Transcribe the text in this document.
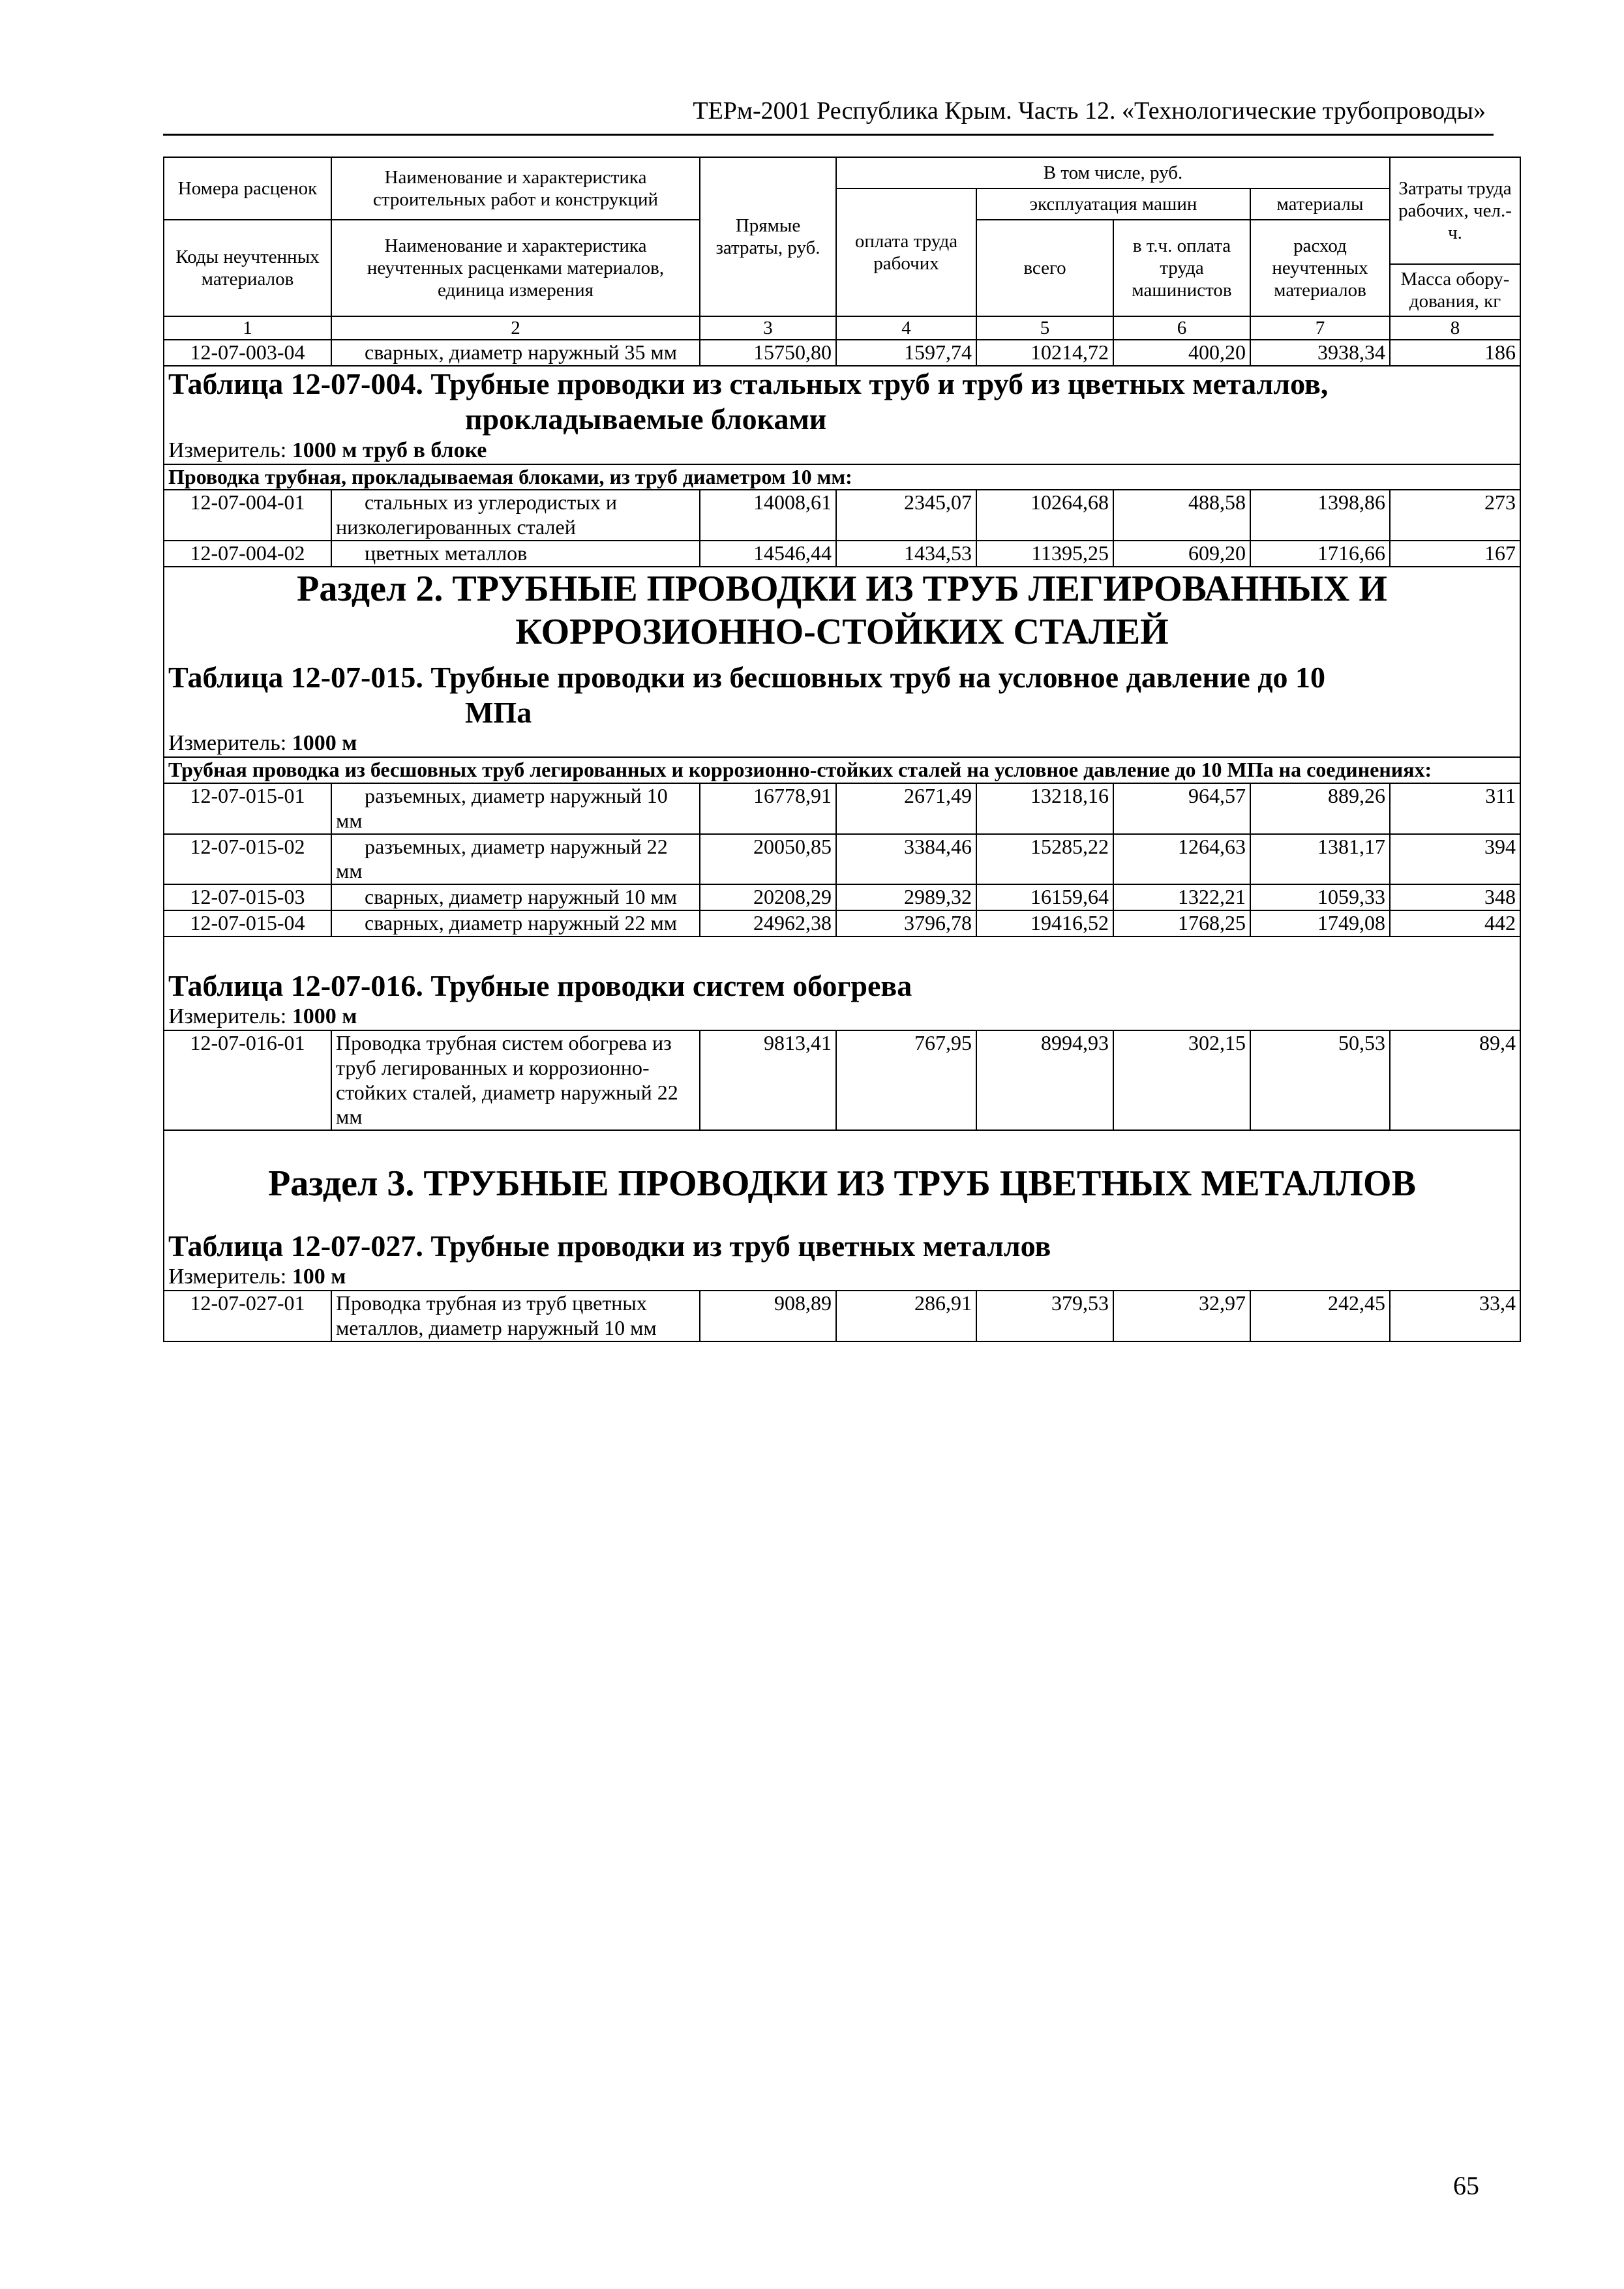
ТЕРм-2001 Республика Крым. Часть 12. «Технологические трубопроводы»
Номера расценок	Наименование и характеристика строительных работ и конструкций	Прямые затраты, руб.	В том числе, руб.				Затраты труда рабочих, чел.-ч.
			оплата труда рабочих	эксплуатация машин		материалы	
Коды неучтенных материалов	Наименование и характеристика неучтенных расценками материалов, единица измерения			всего	в т.ч. оплата труда машинистов	расход неучтенных материалов	
							Масса обору-дования, кг
1	2	3	4	5	6	7	8
12-07-003-04	сварных, диаметр наружный 35 мм	15750,80	1597,74	10214,72	400,20	3938,34	186
Таблица 12-07-004. Трубные проводки из стальных труб и труб из цветных металлов,
прокладываемые блоками							

Измеритель: 1000 м труб в блоке							
Проводка трубная, прокладываемая блоками, из труб диаметром 10 мм:							
12-07-004-01	стальных из углеродистых и низколегированных сталей	14008,61	2345,07	10264,68	488,58	1398,86	273
12-07-004-02	цветных металлов	14546,44	1434,53	11395,25	609,20	1716,66	167
Раздел 2. ТРУБНЫЕ ПРОВОДКИ ИЗ ТРУБ ЛЕГИРОВАННЫХ И
КОРРОЗИОННО-СТОЙКИХ СТАЛЕЙ							
Таблица 12-07-015. Трубные проводки из бесшовных труб на условное давление до 10
МПа							

Измеритель: 1000 м							
Трубная проводка из бесшовных труб легированных и коррозионно-стойких сталей на условное давление до 10 МПа на соединениях:							
12-07-015-01	разъемных, диаметр наружный 10 мм	16778,91	2671,49	13218,16	964,57	889,26	311
12-07-015-02	разъемных, диаметр наружный 22 мм	20050,85	3384,46	15285,22	1264,63	1381,17	394
12-07-015-03	сварных, диаметр наружный 10 мм	20208,29	2989,32	16159,64	1322,21	1059,33	348
12-07-015-04	сварных, диаметр наружный 22 мм	24962,38	3796,78	19416,52	1768,25	1749,08	442
Таблица 12-07-016. Трубные проводки систем обогрева							
Измеритель: 1000 м							
12-07-016-01	Проводка трубная систем обогрева из труб легированных и коррозионно-стойких сталей, диаметр наружный 22 мм	9813,41	767,95	8994,93	302,15	50,53	89,4
Раздел 3. ТРУБНЫЕ ПРОВОДКИ ИЗ ТРУБ ЦВЕТНЫХ МЕТАЛЛОВ							
Таблица 12-07-027. Трубные проводки из труб цветных металлов							
Измеритель: 100 м							
12-07-027-01	Проводка трубная из труб цветных металлов, диаметр наружный 10 мм	908,89	286,91	379,53	32,97	242,45	33,4
65
